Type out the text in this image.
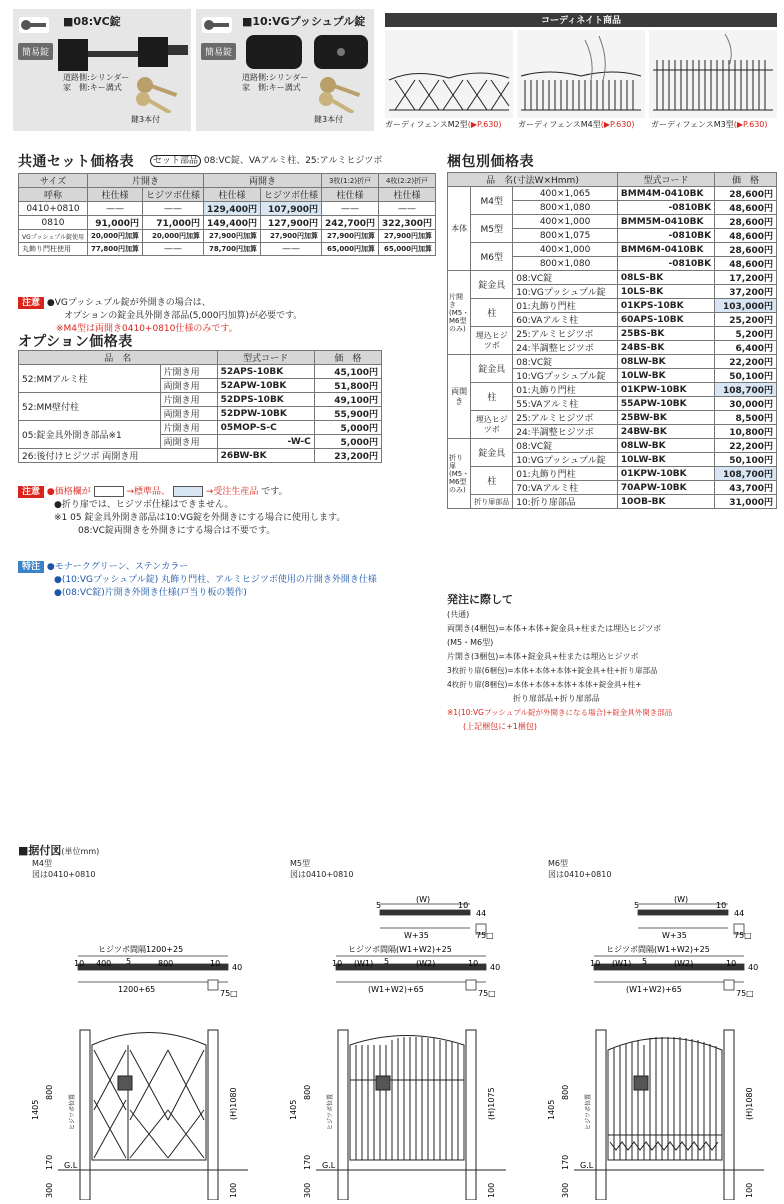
簡易錠
■08:VC錠
道路側:シリンダー
家　側:キー溝式
鍵3本付
簡易錠
■10:VGプッシュプル錠
道路側:シリンダー
家　側:キー溝式
鍵3本付
コーディネイト商品
ガーディフェンスM2型(▶P.630) ガーディフェンスM4型(▶P.630) ガーディフェンスM3型(▶P.630)
共通セット価格表	セット部品 08:VC錠、VAアルミ柱、25:アルミヒジツボ
サイズ	片開き		両開き		3枚(1:2)折戸	4枚(2:2)折戸
呼称	柱仕様	ヒジツボ仕様	柱仕様	ヒジツボ仕様	柱仕様	柱仕様
0410+0810	——	——	129,400円	107,900円	——	——
0810	91,000円	71,000円	149,400円	127,900円	242,700円	322,300円
VGプッシュプル錠使用	20,000円加算	20,000円加算	27,900円加算	27,900円加算	27,900円加算	27,900円加算
丸飾り門柱使用	77,800円加算	——	78,700円加算	——	65,000円加算	65,000円加算
注意 ●VGプッシュプル錠が外開きの場合は、
オプションの錠金具外開き部品(5,000円加算)が必要です。
※M4型は両開き0410+0810仕様のみです。
オプション価格表
品　名		型式コード	価　格
52:MMアルミ柱	片開き用	52APS-10BK	45,100円
	両開き用	52APW-10BK	51,800円
52:MM壁付柱	片開き用	52DPS-10BK	49,100円
	両開き用	52DPW-10BK	55,900円
05:錠金具外開き部品※1	片開き用	05MOP-S-C	5,000円
	両開き用	-W-C	5,000円
26:後付けヒジツボ 両開き用		26BW-BK	23,200円
注意 ●価格欄が	→標準品、	→受注生産品 です。
●折り扉では、ヒジツボ仕様はできません。
※1 05 錠金具外開き部品は10:VG錠を外開きにする場合に使用します。
08:VC錠両開きを外開きにする場合は不要です。
特注 ●モナークグリーン、ステンカラー
●(10:VGプッシュプル錠) 丸飾り門柱、アルミヒジツボ使用の片開き外開き仕様
●(08:VC錠)片開き外開き仕様(戸当り板の製作)
梱包別価格表
品　名(寸法W×Hmm)			型式コード	価　格
本体	M4型	400×1,065	BMM4M-0410BK	28,600円
		800×1,080	-0810BK	48,600円
	M5型	400×1,000	BMM5M-0410BK	28,600円
		800×1,075	-0810BK	48,600円
	M6型	400×1,000	BMM6M-0410BK	28,600円
		800×1,080	-0810BK	48,600円
片開き(M5・M6型のみ)	錠金具	08:VC錠	08LS-BK	17,200円
		10:VGプッシュプル錠	10LS-BK	37,200円
	柱	01:丸飾り門柱	01KPS-10BK	103,000円
		60:VAアルミ柱	60APS-10BK	25,200円
	埋込ヒジツボ	25:アルミヒジツボ	25BS-BK	5,200円
		24:半調整ヒジツボ	24BS-BK	6,400円
両開き	錠金具	08:VC錠	08LW-BK	22,200円
		10:VGプッシュプル錠	10LW-BK	50,100円
	柱	01:丸飾り門柱	01KPW-10BK	108,700円
		55:VAアルミ柱	55APW-10BK	30,000円
	埋込ヒジツボ	25:アルミヒジツボ	25BW-BK	8,500円
		24:半調整ヒジツボ	24BW-BK	10,800円
折り扉(M5・M6型のみ)	錠金具	08:VC錠	08LW-BK	22,200円
		10:VGプッシュプル錠	10LW-BK	50,100円
	柱	01:丸飾り門柱	01KPW-10BK	108,700円
		70:VAアルミ柱	70APW-10BK	43,700円
	折り扉部品	10:折り扉部品	10OB-BK	31,000円
発注に際して
(共通)
両開き(4梱包)=本体+本体+錠金具+柱または埋込ヒジツボ
(M5・M6型)
片開き(3梱包)=本体+錠金具+柱または埋込ヒジツボ
3枚折り扉(6梱包)=本体+本体+本体+錠金具+柱+折り扉部品
4枚折り扉(8梱包)=本体+本体+本体+本体+錠金具+柱+
折り扉部品+折り扉部品
※1(10:VGプッシュプル錠が外開きになる場合)+錠金具外開き部品
(上記梱包に+1梱包)
■据付図(単位mm)
M4型
図は0410+0810
M5型
図は0410+0810
M6型
図は0410+0810
ヒジツボ間隔1200+25
10 400 5	800	10 40
1200+65	75□
1405
800
170
300
ヒジツボ位置
G.L
(H)1080
100
5
(W)
10
44
W+35	75□
ヒジツボ間隔(W1+W2)+25
10 (W1) 5	(W2)	10 40
(W1+W2)+65	75□
1405
800
170
300
ヒジツボ位置
G.L
(H)1075
100
5
(W)
10
44
W+35	75□
ヒジツボ間隔(W1+W2)+25
10 (W1) 5	(W2)	10 40
(W1+W2)+65	75□
1405
800
170
300
ヒジツボ位置
G.L
(H)1080
100
